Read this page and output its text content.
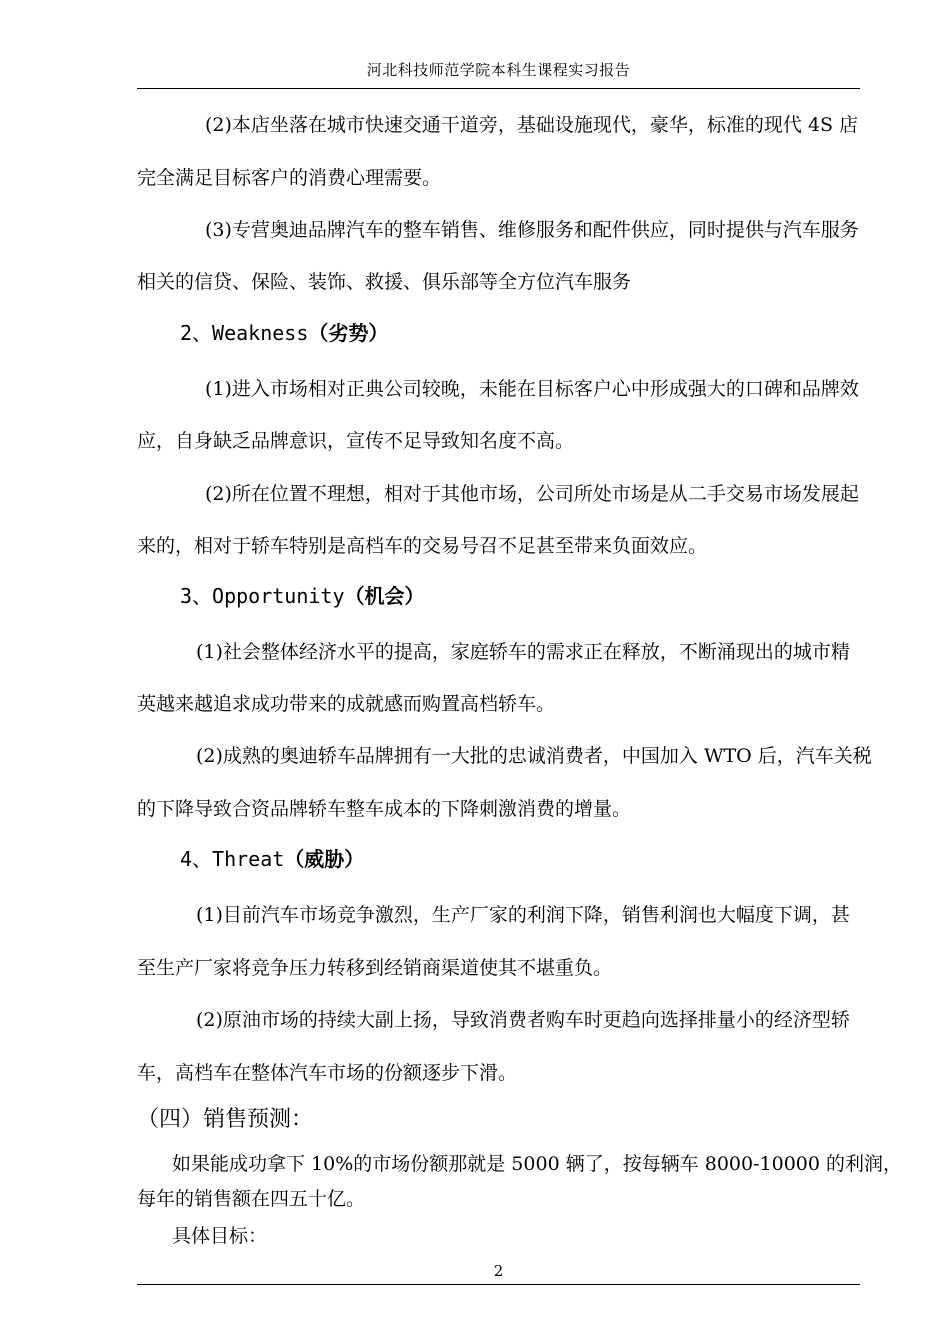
河北科技师范学院本科生课程实习报告
(2)本店坐落在城市快速交通干道旁，基础设施现代，豪华，标准的现代 4S 店
完全满足目标客户的消费心理需要。
(3)专营奥迪品牌汽车的整车销售、维修服务和配件供应，同时提供与汽车服务
相关的信贷、保险、装饰、救援、俱乐部等全方位汽车服务
2、Weakness（劣势）
(1)进入市场相对正典公司较晚，未能在目标客户心中形成强大的口碑和品牌效
应，自身缺乏品牌意识，宣传不足导致知名度不高。
(2)所在位置不理想，相对于其他市场，公司所处市场是从二手交易市场发展起
来的，相对于轿车特别是高档车的交易号召不足甚至带来负面效应。
3、Opportunity（机会）
(1)社会整体经济水平的提高，家庭轿车的需求正在释放，不断涌现出的城市精
英越来越追求成功带来的成就感而购置高档轿车。
(2)成熟的奥迪轿车品牌拥有一大批的忠诚消费者，中国加入 WTO 后，汽车关税
的下降导致合资品牌轿车整车成本的下降刺激消费的增量。
4、Threat（威胁）
(1)目前汽车市场竞争激烈，生产厂家的利润下降，销售利润也大幅度下调，甚
至生产厂家将竞争压力转移到经销商渠道使其不堪重负。
(2)原油市场的持续大副上扬，导致消费者购车时更趋向选择排量小的经济型轿
车，高档车在整体汽车市场的份额逐步下滑。
（四）销售预测：
如果能成功拿下 10%的市场份额那就是 5000 辆了，按每辆车 8000-10000 的利润，
每年的销售额在四五十亿。
具体目标：
2
